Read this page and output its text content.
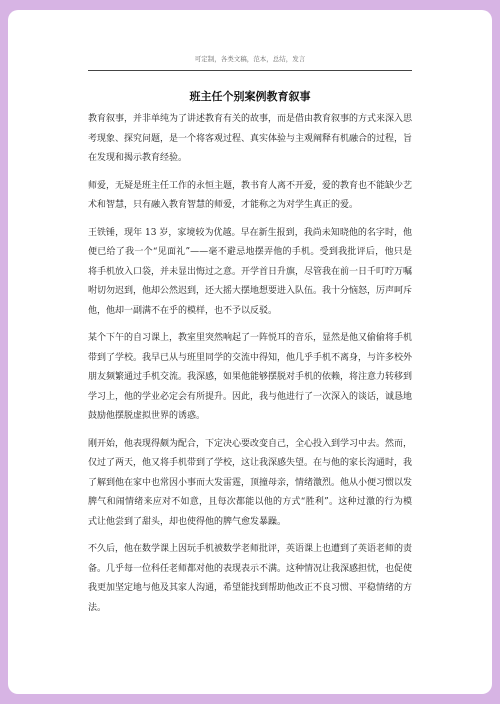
可定制，各类文稿，范本，总结，发言
班主任个别案例教育叙事

教育叙事，并非单纯为了讲述教育有关的故事，而是借由教育叙事的方式来深入思考现象、探究问题，是一个将客观过程、真实体验与主观阐释有机融合的过程，旨在发现和揭示教育经验。

师爱，无疑是班主任工作的永恒主题，教书育人离不开爱，爱的教育也不能缺少艺术和智慧，只有融入教育智慧的师爱，才能称之为对学生真正的爱。

王铁锤，现年 13 岁，家境较为优越。早在新生报到，我尚未知晓他的名字时，他便已给了我一个“见面礼”——毫不避忌地摆弄他的手机。受到我批评后，他只是将手机放入口袋，并未显出悔过之意。开学首日升旗，尽管我在前一日千叮咛万嘱咐切勿迟到，他却公然迟到，还大摇大摆地想要进入队伍。我十分恼怒，厉声呵斥他，他却一副满不在乎的模样，也不予以反驳。

某个下午的自习课上，教室里突然响起了一阵悦耳的音乐，显然是他又偷偷将手机带到了学校。我早已从与班里同学的交流中得知，他几乎手机不离身，与许多校外朋友频繁通过手机交流。我深感，如果他能够摆脱对手机的依赖，将注意力转移到学习上，他的学业必定会有所提升。因此，我与他进行了一次深入的谈话，诚恳地鼓励他摆脱虚拟世界的诱惑。

刚开始，他表现得颇为配合，下定决心要改变自己，全心投入到学习中去。然而，仅过了两天，他又将手机带到了学校，这让我深感失望。在与他的家长沟通时，我了解到他在家中也常因小事而大发雷霆，顶撞母亲，情绪激烈。他从小便习惯以发脾气和闹情绪来应对不如意，且每次都能以他的方式“胜利”。这种过激的行为模式让他尝到了甜头，却也使得他的脾气愈发暴躁。

不久后，他在数学课上因玩手机被数学老师批评，英语课上也遭到了英语老师的责备。几乎每一位科任老师都对他的表现表示不满。这种情况让我深感担忧，也促使我更加坚定地与他及其家人沟通，希望能找到帮助他改正不良习惯、平稳情绪的方法。
